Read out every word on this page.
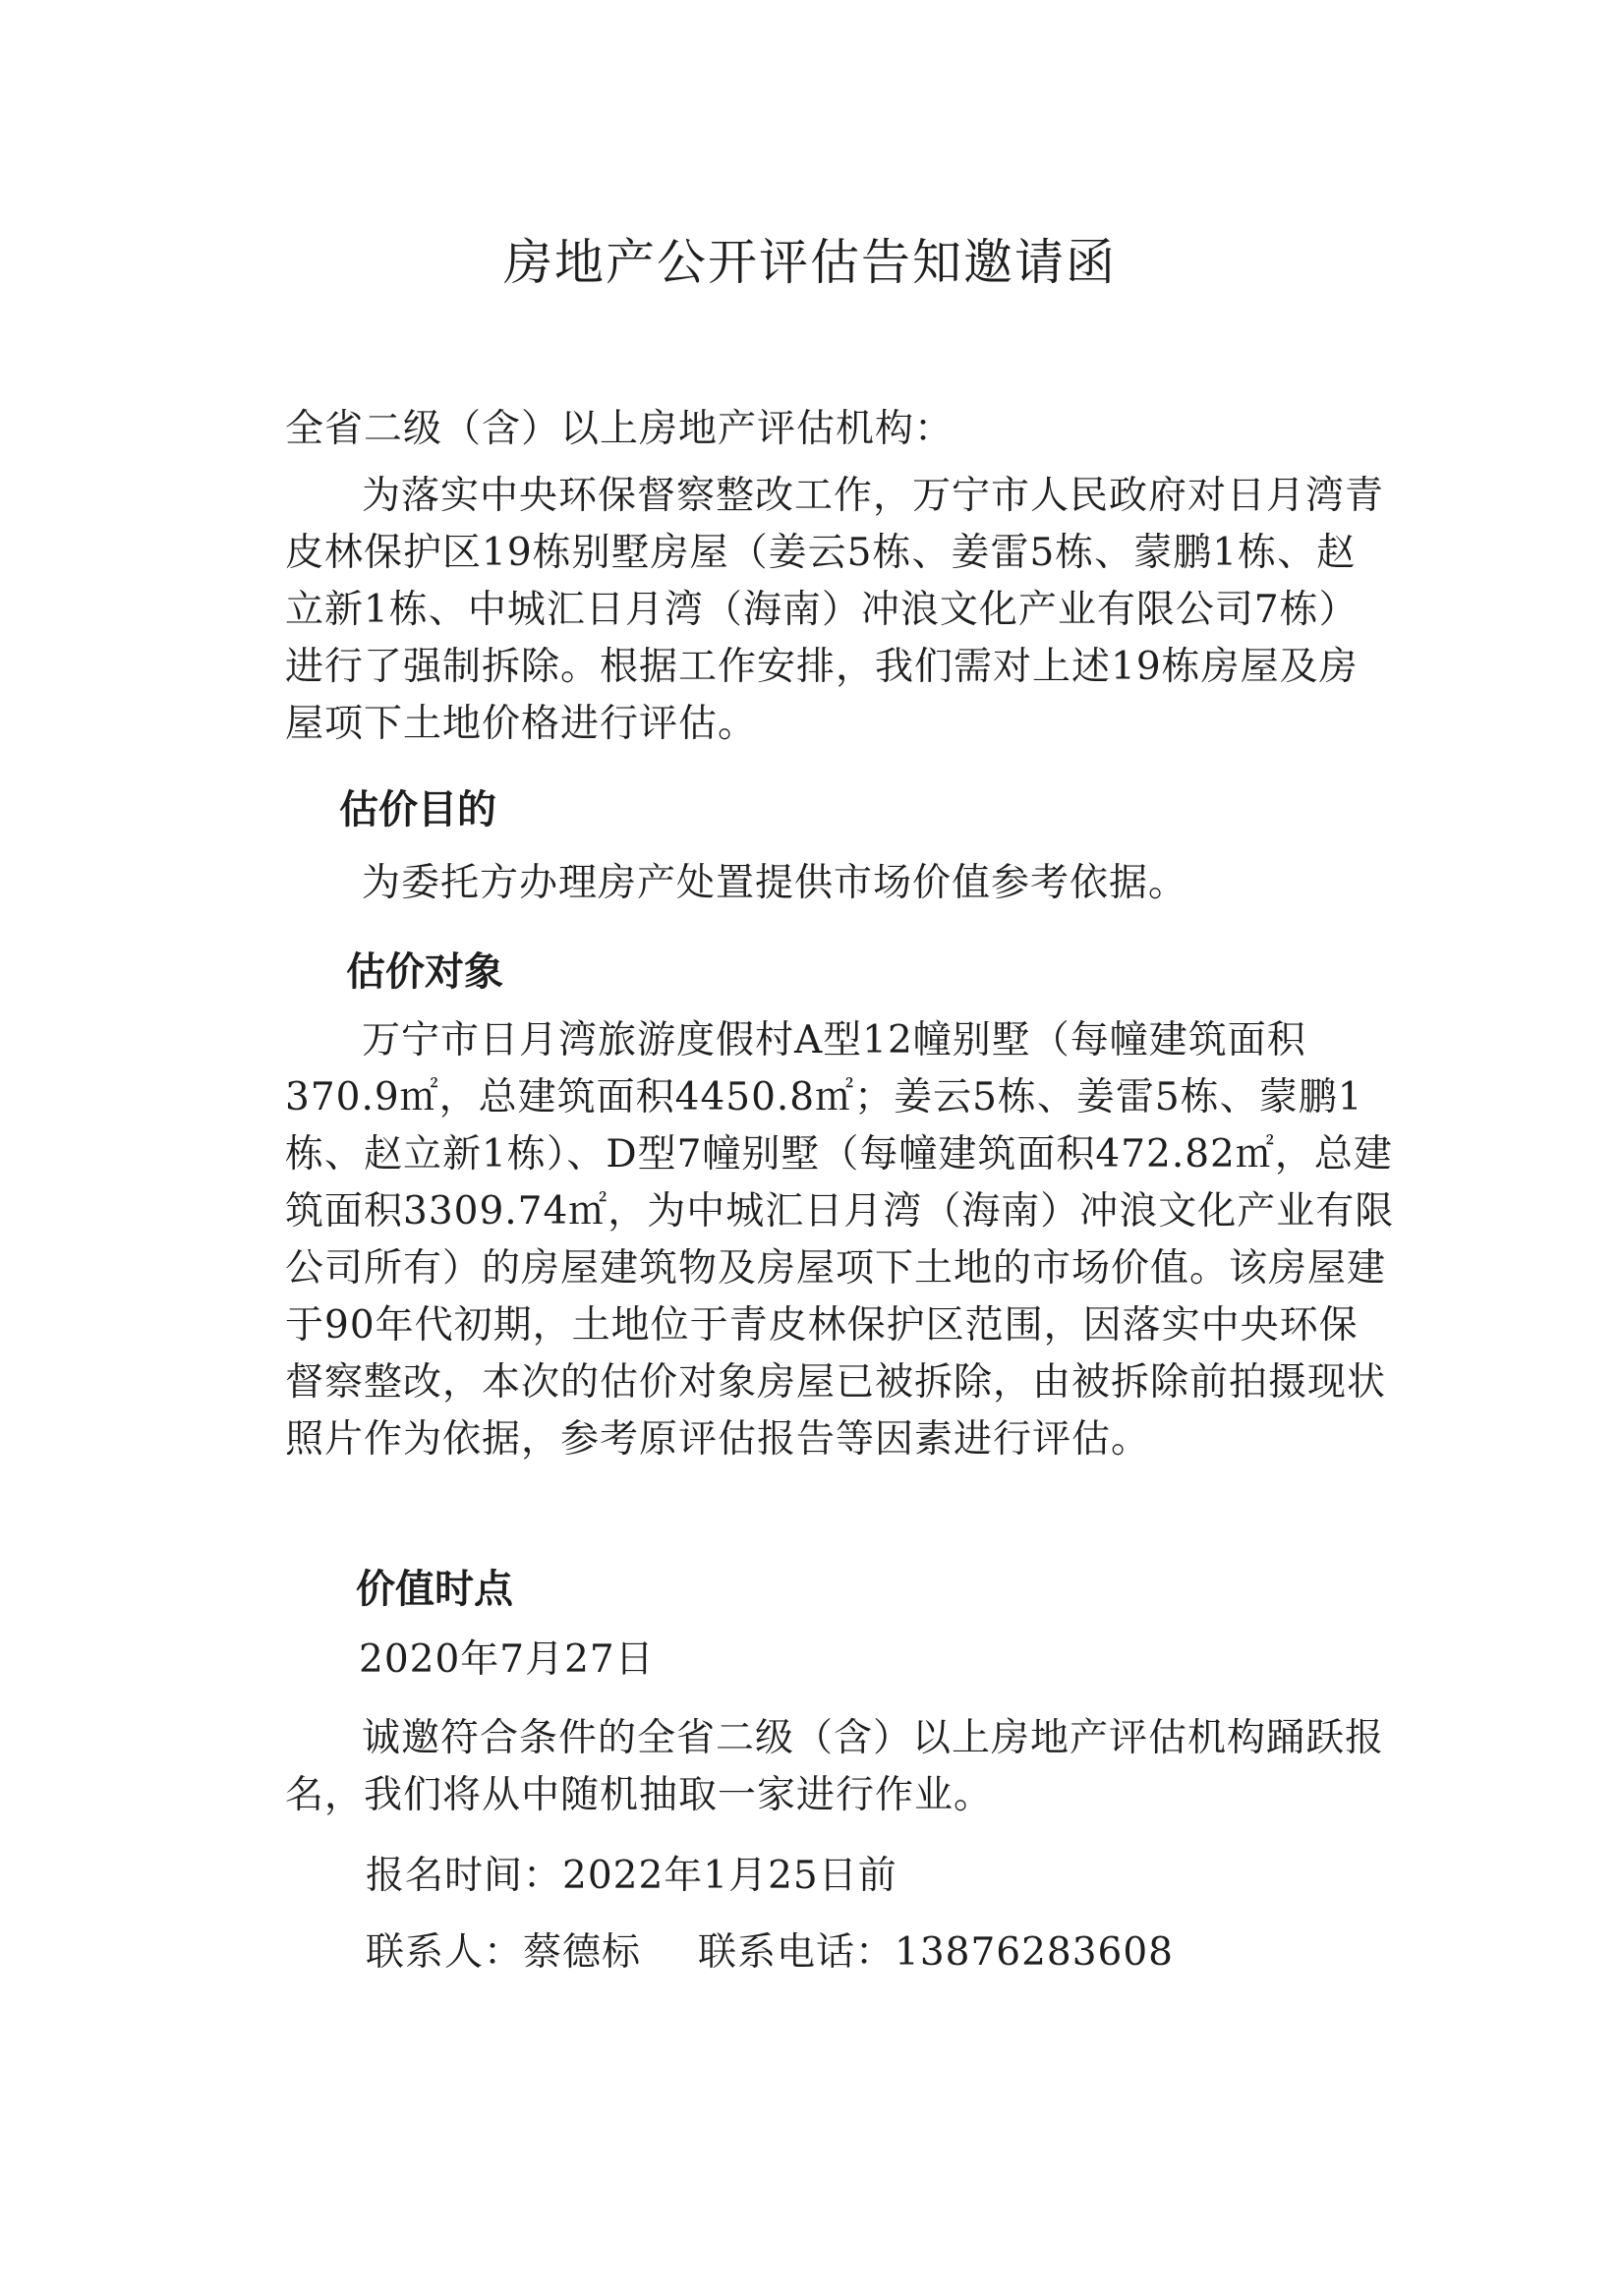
房地产公开评估告知邀请函
全省二级（含）以上房地产评估机构：
为落实中央环保督察整改工作，万宁市人民政府对日月湾青皮林保护区19栋别墅房屋（姜云5栋、姜雷5栋、蒙鹏1栋、赵立新1栋、中城汇日月湾（海南）冲浪文化产业有限公司7栋）进行了强制拆除。根据工作安排，我们需对上述19栋房屋及房屋项下土地价格进行评估。
估价目的
为委托方办理房产处置提供市场价值参考依据。
估价对象
万宁市日月湾旅游度假村A型12幢别墅（每幢建筑面积370.9㎡，总建筑面积4450.8㎡；姜云5栋、姜雷5栋、蒙鹏1栋、赵立新1栋）、D型7幢别墅（每幢建筑面积472.82㎡，总建筑面积3309.74㎡，为中城汇日月湾（海南）冲浪文化产业有限公司所有）的房屋建筑物及房屋项下土地的市场价值。该房屋建于90年代初期，土地位于青皮林保护区范围，因落实中央环保督察整改，本次的估价对象房屋已被拆除，由被拆除前拍摄现状照片作为依据，参考原评估报告等因素进行评估。
价值时点
2020年7月27日
诚邀符合条件的全省二级（含）以上房地产评估机构踊跃报名，我们将从中随机抽取一家进行作业。
报名时间：2022年1月25日前
联系人：蔡德标 联系电话：13876283608
